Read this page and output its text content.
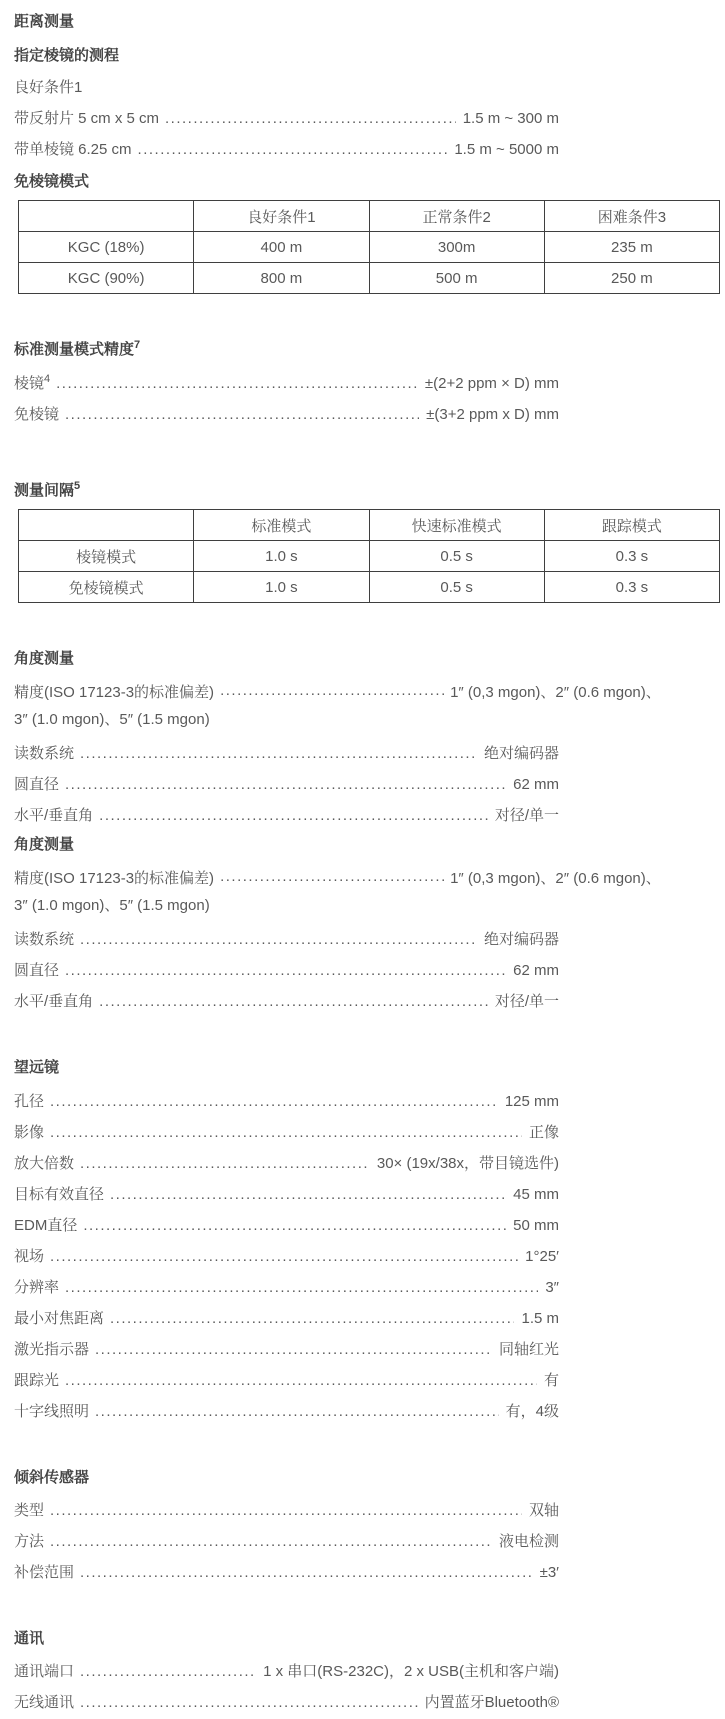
距离测量
指定棱镜的测程

良好条件1

带反射片 5 cm x 5 cm .....	1.5 m ~ 300 m

带单棱镜 6.25 cm .....	1.5 m ~ 5000 m

免棱镜模式
	良好条件1	正常条件2	困难条件3
KGC (18%)	400 m	300m	235 m
KGC (90%)	800 m	500 m	250 m
标准测量模式精度$^7$

棱镜$^4$ .....	±(2+2 ppm × D) mm

免棱镜 .....	±(3+2 ppm x D) mm

测量间隔$^5$
	标准模式	快速标准模式	跟踪模式
棱镜模式	1.0 s	0.5 s	0.3 s
免棱镜模式	1.0 s	0.5 s	0.3 s
角度测量

精度(ISO 17123-3的标准偏差) .....	1″ (0,3 mgon)、2″ (0.6 mgon)、
3″ (1.0 mgon)、5″ (1.5 mgon)

读数系统 .....	绝对编码器

圆直径 .....	62 mm

水平/垂直角 .....	对径/单一

角度测量

精度(ISO 17123-3的标准偏差) .....	1″ (0,3 mgon)、2″ (0.6 mgon)、
3″ (1.0 mgon)、5″ (1.5 mgon)

读数系统 .....	绝对编码器

圆直径 .....	62 mm

水平/垂直角 .....	对径/单一

望远镜

孔径 .....	125 mm

影像 .....	正像

放大倍数 .....	30× (19x/38x，带目镜选件)

目标有效直径 .....	45 mm

EDM直径 .....	50 mm

视场 .....	1°25′

分辨率 .....	3″

最小对焦距离 .....	1.5 m

激光指示器 .....	同轴红光

跟踪光 .....	有

十字线照明 .....	有，4级

倾斜传感器

类型 .....	双轴

方法 .....	液电检测

补偿范围 .....	±3′

通讯

通讯端口 .....	1 x 串口(RS-232C)，2 x USB(主机和客户端)

无线通讯 .....	内置蓝牙Bluetooth®
